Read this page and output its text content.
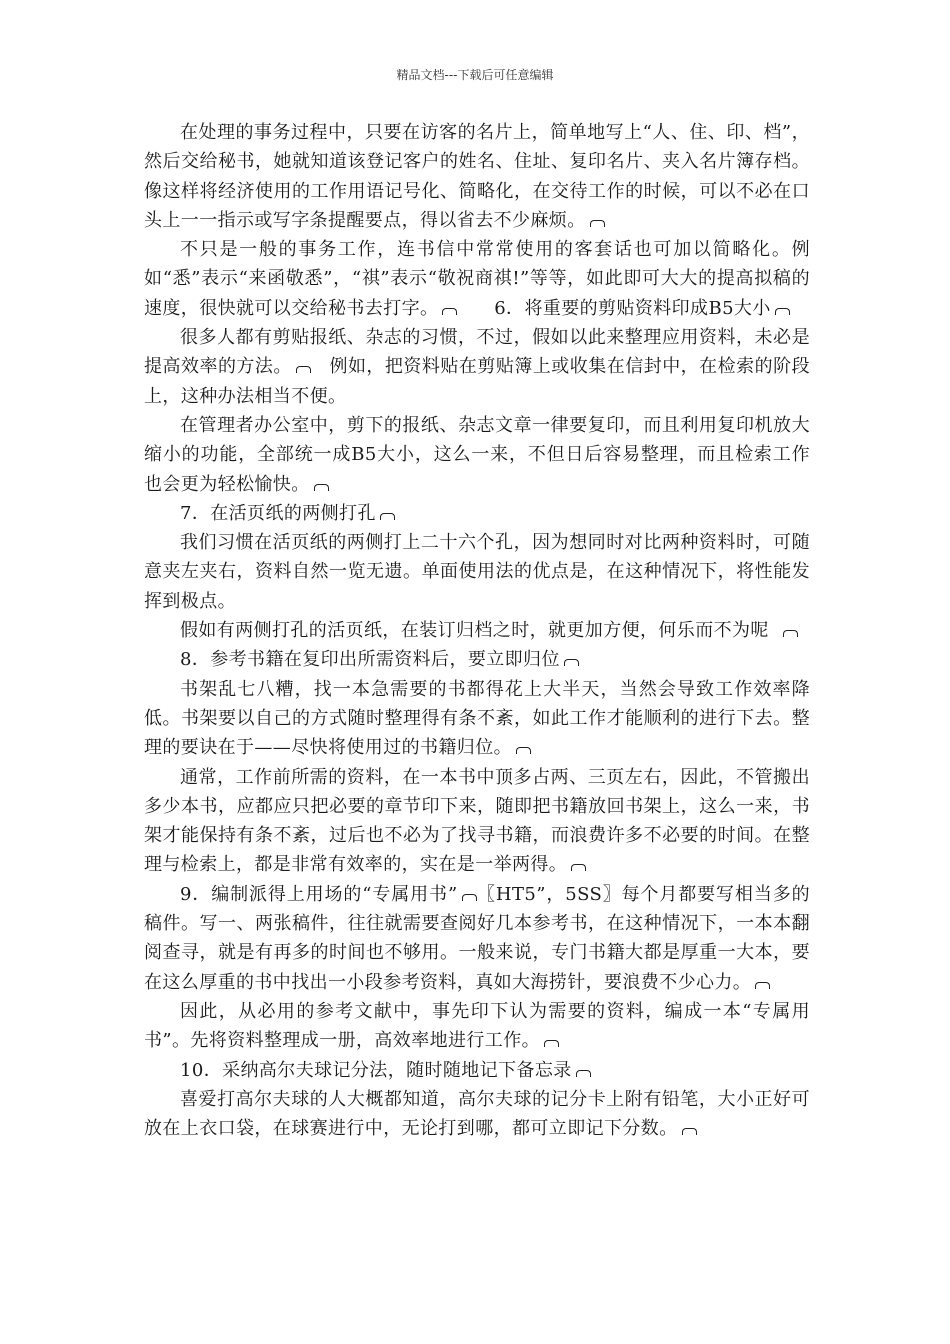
精品文档---下载后可任意编辑

在处理的事务过程中，只要在访客的名片上，简单地写上“人、住、印、档”，然后交给秘书，她就知道该登记客户的姓名、住址、复印名片、夹入名片簿存档。像这样将经济使用的工作用语记号化、简略化，在交待工作的时候，可以不必在口头上一一指示或写字条提醒要点，得以省去不少麻烦。

不只是一般的事务工作，连书信中常常使用的客套话也可加以简略化。例如“悉”表示“来函敬悉”，“祺”表示“敬祝商祺!”等等，如此即可大大的提高拟稿的速度，很快就可以交给秘书去打字。　　6．将重要的剪贴资料印成B5大小

很多人都有剪贴报纸、杂志的习惯，不过，假如以此来整理应用资料，未必是提高效率的方法。　例如，把资料贴在剪贴簿上或收集在信封中，在检索的阶段上，这种办法相当不便。

在管理者办公室中，剪下的报纸、杂志文章一律要复印，而且利用复印机放大缩小的功能，全部统一成B5大小，这么一来，不但日后容易整理，而且检索工作也会更为轻松愉快。

7．在活页纸的两侧打孔

我们习惯在活页纸的两侧打上二十六个孔，因为想同时对比两种资料时，可随意夹左夹右，资料自然一览无遗。单面使用法的优点是，在这种情况下，将性能发挥到极点。

假如有两侧打孔的活页纸，在装订归档之时，就更加方便，何乐而不为呢

8．参考书籍在复印出所需资料后，要立即归位

书架乱七八糟，找一本急需要的书都得花上大半天，当然会导致工作效率降低。书架要以自己的方式随时整理得有条不紊，如此工作才能顺利的进行下去。整理的要诀在于——尽快将使用过的书籍归位。

通常，工作前所需的资料，在一本书中顶多占两、三页左右，因此，不管搬出多少本书，应都应只把必要的章节印下来，随即把书籍放回书架上，这么一来，书架才能保持有条不紊，过后也不必为了找寻书籍，而浪费许多不必要的时间。在整理与检索上，都是非常有效率的，实在是一举两得。

9．编制派得上用场的“专属用书” 〖HT5”，5SS〗每个月都要写相当多的稿件。写一、两张稿件，往往就需要查阅好几本参考书，在这种情况下，一本本翻阅查寻，就是有再多的时间也不够用。一般来说，专门书籍大都是厚重一大本，要在这么厚重的书中找出一小段参考资料，真如大海捞针，要浪费不少心力。

因此，从必用的参考文献中，事先印下认为需要的资料，编成一本“专属用书”。先将资料整理成一册，高效率地进行工作。

10．采纳高尔夫球记分法，随时随地记下备忘录

喜爱打高尔夫球的人大概都知道，高尔夫球的记分卡上附有铅笔，大小正好可放在上衣口袋，在球赛进行中，无论打到哪，都可立即记下分数。
